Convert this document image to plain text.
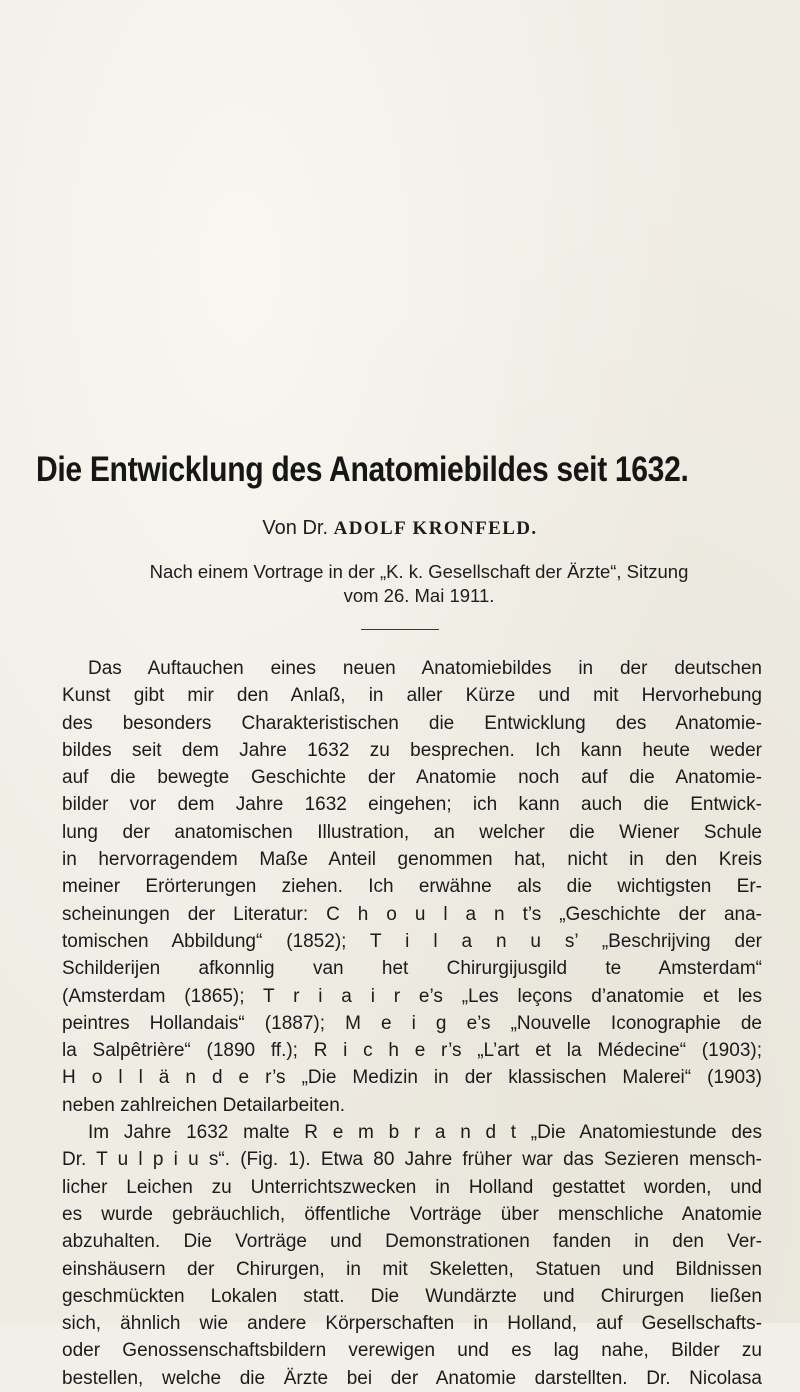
Die Entwicklung des Anatomiebildes seit 1632.
Von Dr. ADOLF KRONFELD.
Nach einem Vortrage in der „K. k. Gesellschaft der Ärzte“, Sitzung
vom 26. Mai 1911.
Das Auftauchen eines neuen Anatomiebildes in der deutschen
Kunst gibt mir den Anlaß, in aller Kürze und mit Hervorhebung
des besonders Charakteristischen die Entwicklung des Anatomie-
bildes seit dem Jahre 1632 zu besprechen. Ich kann heute weder
auf die bewegte Geschichte der Anatomie noch auf die Anatomie-
bilder vor dem Jahre 1632 eingehen; ich kann auch die Entwick-
lung der anatomischen Illustration, an welcher die Wiener Schule
in hervorragendem Maße Anteil genommen hat, nicht in den Kreis
meiner Erörterungen ziehen. Ich erwähne als die wichtigsten Er-
scheinungen der Literatur: C h o u l a n t’s „Geschichte der ana-
tomischen Abbildung“ (1852); T i l a n u s’ „Beschrijving der
Schilderijen afkonnlig van het Chirurgijusgild te Amsterdam“
(Amsterdam (1865); T r i a i r e’s „Les leçons d’anatomie et les
peintres Hollandais“ (1887); M e i g e’s „Nouvelle Iconographie de
la Salpêtrière“ (1890 ff.); R i c h e r’s „L’art et la Médecine“ (1903);
H o l l ä n d e r’s „Die Medizin in der klassischen Malerei“ (1903)
neben zahlreichen Detailarbeiten.
Im Jahre 1632 malte R e m b r a n d t „Die Anatomiestunde des
Dr. T u l p i u s“. (Fig. 1). Etwa 80 Jahre früher war das Sezieren mensch-
licher Leichen zu Unterrichtszwecken in Holland gestattet worden, und
es wurde gebräuchlich, öffentliche Vorträge über menschliche Anatomie
abzuhalten. Die Vorträge und Demonstrationen fanden in den Ver-
einshäusern der Chirurgen, in mit Skeletten, Statuen und Bildnissen
geschmückten Lokalen statt. Die Wundärzte und Chirurgen ließen
sich, ähnlich wie andere Körperschaften in Holland, auf Gesellschafts-
oder Genossenschaftsbildern verewigen und es lag nahe, Bilder zu
bestellen, welche die Ärzte bei der Anatomie darstellten. Dr. Nicolasa
